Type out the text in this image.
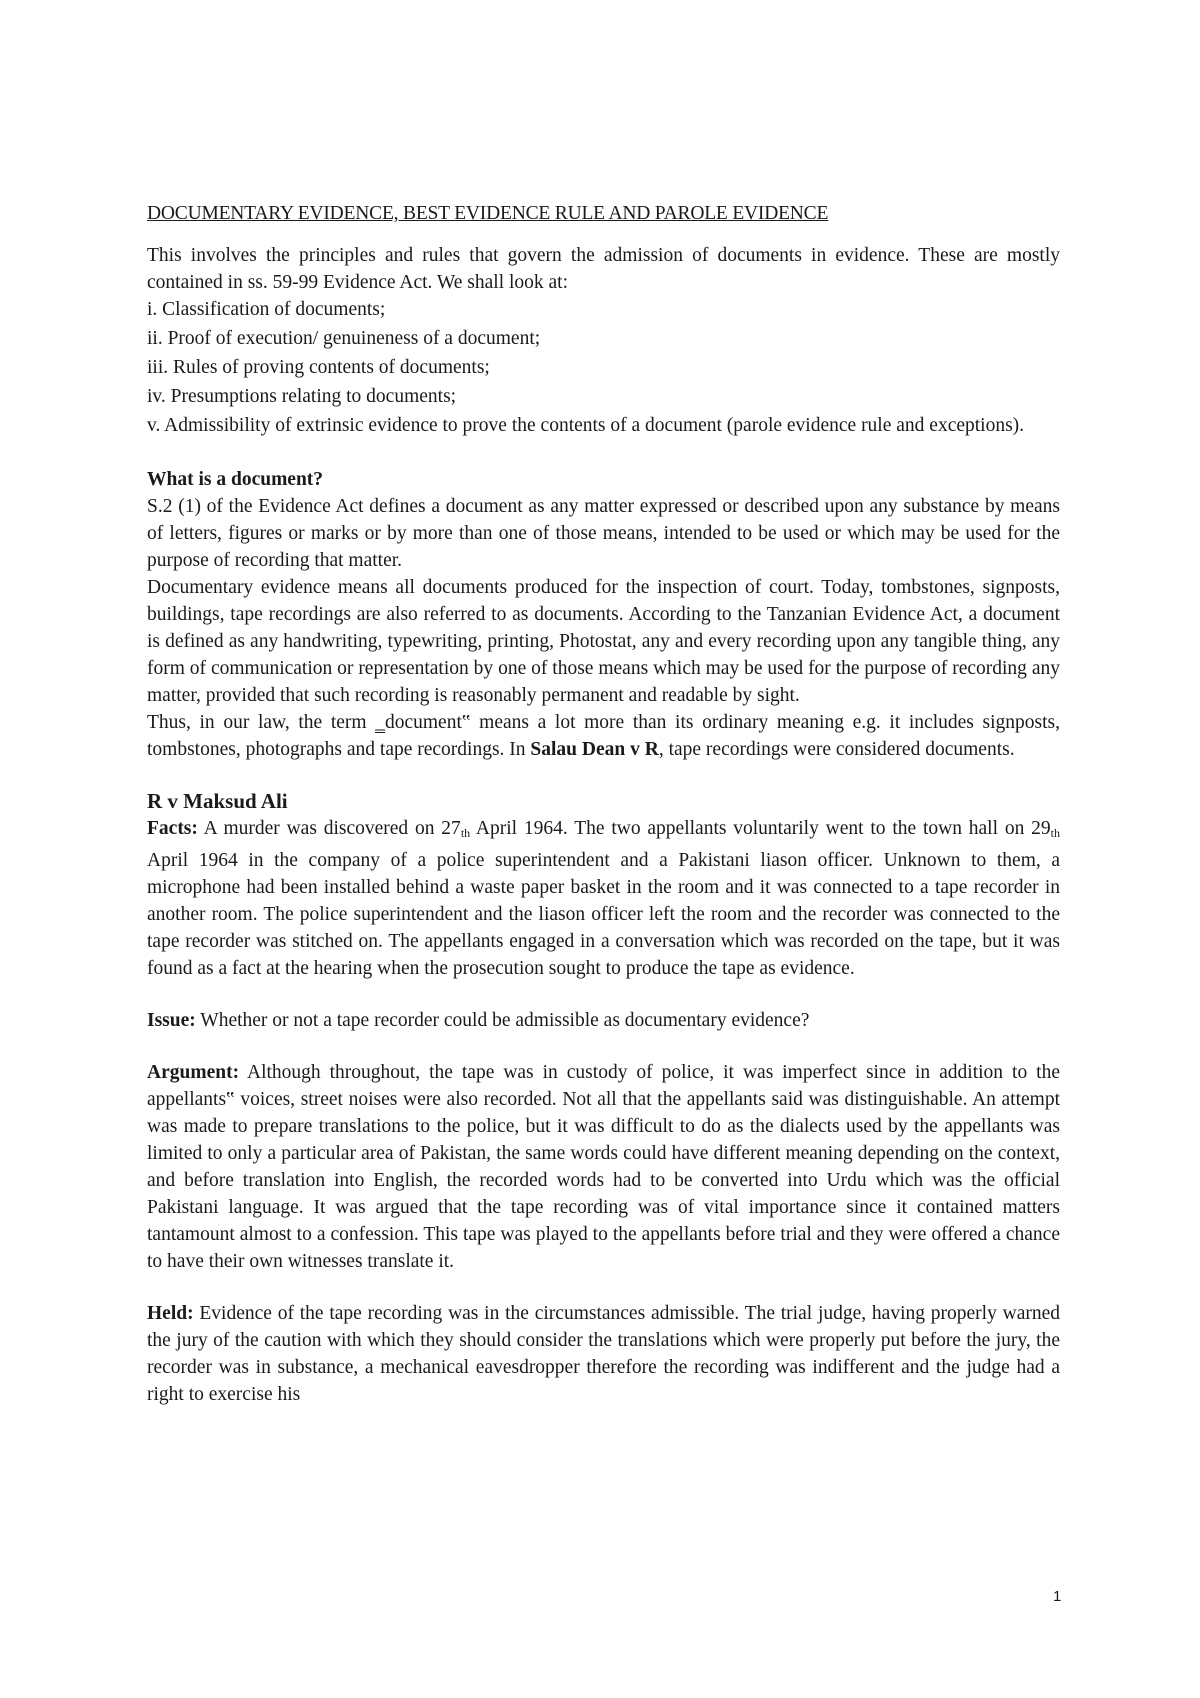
DOCUMENTARY EVIDENCE, BEST EVIDENCE RULE AND PAROLE EVIDENCE

This involves the principles and rules that govern the admission of documents in evidence. These are mostly contained in ss. 59-99 Evidence Act. We shall look at:

i. Classification of documents;

ii. Proof of execution/ genuineness of a document;

iii. Rules of proving contents of documents;

iv. Presumptions relating to documents;

v. Admissibility of extrinsic evidence to prove the contents of a document (parole evidence rule and exceptions).

What is a document?

S.2 (1) of the Evidence Act defines a document as any matter expressed or described upon any substance by means of letters, figures or marks or by more than one of those means, intended to be used or which may be used for the purpose of recording that matter.

Documentary evidence means all documents produced for the inspection of court. Today, tombstones, signposts, buildings, tape recordings are also referred to as documents. According to the Tanzanian Evidence Act, a document is defined as any handwriting, typewriting, printing, Photostat, any and every recording upon any tangible thing, any form of communication or representation by one of those means which may be used for the purpose of recording any matter, provided that such recording is reasonably permanent and readable by sight.

Thus, in our law, the term ‗document‟ means a lot more than its ordinary meaning e.g. it includes signposts, tombstones, photographs and tape recordings. In Salau Dean v R, tape recordings were considered documents.

R v Maksud Ali

Facts: A murder was discovered on $27_{th}$ April 1964. The two appellants voluntarily went to the town hall on $29_{th}$ April 1964 in the company of a police superintendent and a Pakistani liason officer. Unknown to them, a microphone had been installed behind a waste paper basket in the room and it was connected to a tape recorder in another room. The police superintendent and the liason officer left the room and the recorder was connected to the tape recorder was stitched on. The appellants engaged in a conversation which was recorded on the tape, but it was found as a fact at the hearing when the prosecution sought to produce the tape as evidence.

Issue: Whether or not a tape recorder could be admissible as documentary evidence?

Argument: Although throughout, the tape was in custody of police, it was imperfect since in addition to the appellants‟ voices, street noises were also recorded. Not all that the appellants said was distinguishable. An attempt was made to prepare translations to the police, but it was difficult to do as the dialects used by the appellants was limited to only a particular area of Pakistan, the same words could have different meaning depending on the context, and before translation into English, the recorded words had to be converted into Urdu which was the official Pakistani language. It was argued that the tape recording was of vital importance since it contained matters tantamount almost to a confession. This tape was played to the appellants before trial and they were offered a chance to have their own witnesses translate it.

Held: Evidence of the tape recording was in the circumstances admissible. The trial judge, having properly warned the jury of the caution with which they should consider the translations which were properly put before the jury, the recorder was in substance, a mechanical eavesdropper therefore the recording was indifferent and the judge had a right to exercise his

1
